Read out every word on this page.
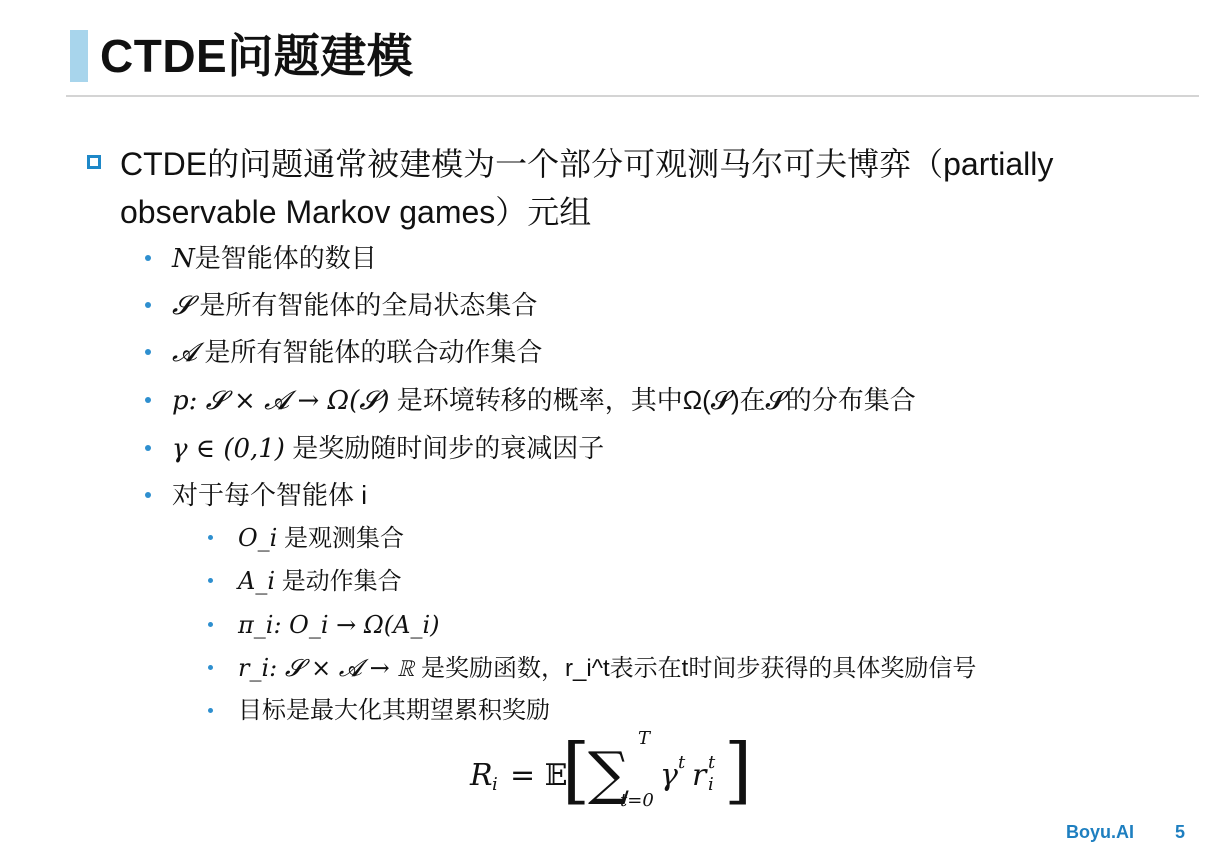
CTDE问题建模
CTDE的问题通常被建模为一个部分可观测马尔可夫博弈（partially observable Markov games）元组
N是智能体的数目
𝓢 是所有智能体的全局状态集合
𝓐 是所有智能体的联合动作集合
p: 𝓢 × 𝓐 → Ω(𝓢) 是环境转移的概率，其中Ω(𝓢)在𝓢的分布集合
γ ∈ (0,1) 是奖励随时间步的衰减因子
对于每个智能体 i
O_i 是观测集合
A_i 是动作集合
π_i: O_i → Ω(A_i)
r_i: 𝓢 × 𝓐 → ℝ 是奖励函数，r_i^t表示在t时间步获得的具体奖励信号
目标是最大化其期望累积奖励
R i = 𝔼
[
∑
T
t=0
γ t r t
i ]
Boyu.AI 5
